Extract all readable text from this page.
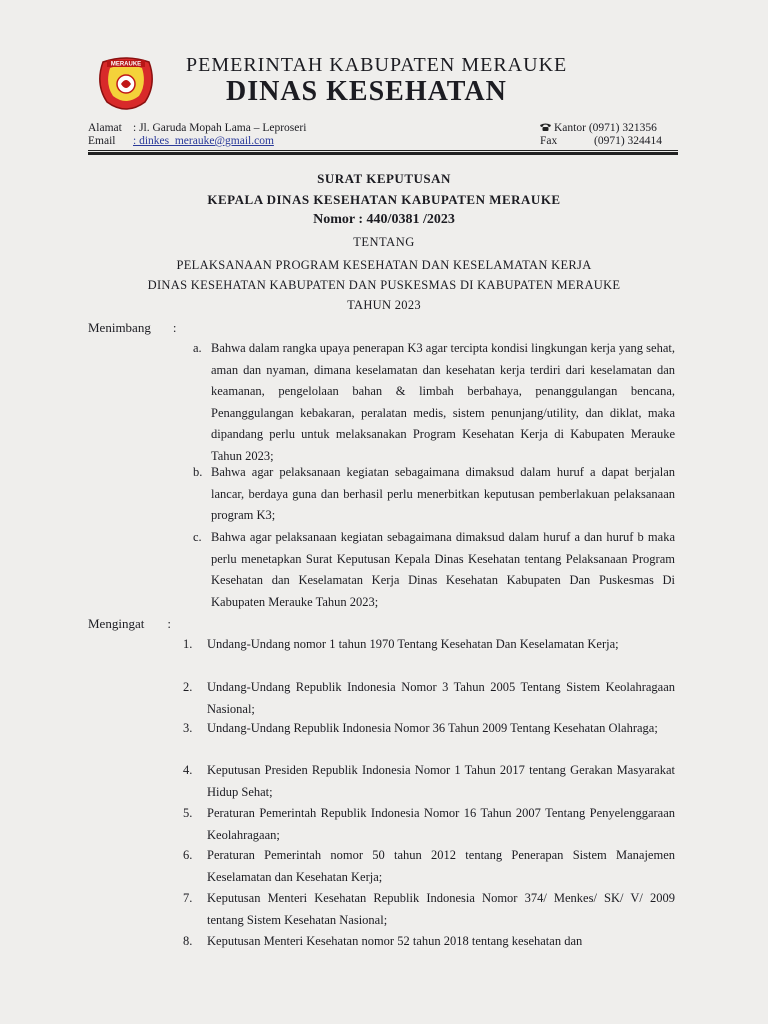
MERAUKE PEMERINTAH KABUPATEN MERAUKE
DINAS KESEHATAN
Alamat : Jl. Garuda Mopah Lama – Leproseri
Email : dinkes_merauke@gmail.com
Kantor (0971) 321356
Fax	(0971) 324414
SURAT KEPUTUSAN
KEPALA DINAS KESEHATAN KABUPATEN MERAUKE
Nomor : 440/0381 /2023
TENTANG
PELAKSANAAN PROGRAM KESEHATAN DAN KESELAMATAN KERJA
DINAS KESEHATAN KABUPATEN DAN PUSKESMAS DI KABUPATEN MERAUKE
TAHUN 2023
Menimbang :
a. Bahwa dalam rangka upaya penerapan K3 agar tercipta kondisi lingkungan kerja yang sehat, aman dan nyaman, dimana keselamatan dan kesehatan kerja terdiri dari keselamatan dan keamanan, pengelolaan bahan & limbah berbahaya, penanggulangan bencana, Penanggulangan kebakaran, peralatan medis, sistem penunjang/utility, dan diklat, maka dipandang perlu untuk melaksanakan Program Kesehatan Kerja di Kabupaten Merauke Tahun 2023;
b. Bahwa agar pelaksanaan kegiatan sebagaimana dimaksud dalam huruf a dapat berjalan lancar, berdaya guna dan berhasil perlu menerbitkan keputusan pemberlakuan pelaksanaan program K3;
c. Bahwa agar pelaksanaan kegiatan sebagaimana dimaksud dalam huruf a dan huruf b maka perlu menetapkan Surat Keputusan Kepala Dinas Kesehatan tentang Pelaksanaan Program Kesehatan dan Keselamatan Kerja Dinas Kesehatan Kabupaten Dan Puskesmas Di Kabupaten Merauke Tahun 2023;
Mengingat :
1. Undang-Undang nomor 1 tahun 1970 Tentang Kesehatan Dan Keselamatan Kerja;
2. Undang-Undang Republik Indonesia Nomor 3 Tahun 2005 Tentang Sistem Keolahragaan Nasional;
3. Undang-Undang Republik Indonesia Nomor 36 Tahun 2009 Tentang Kesehatan Olahraga;
4. Keputusan Presiden Republik Indonesia Nomor 1 Tahun 2017 tentang Gerakan Masyarakat Hidup Sehat;
5. Peraturan Pemerintah Republik Indonesia Nomor 16 Tahun 2007 Tentang Penyelenggaraan Keolahragaan;
6. Peraturan Pemerintah nomor 50 tahun 2012 tentang Penerapan Sistem Manajemen Keselamatan dan Kesehatan Kerja;
7. Keputusan Menteri Kesehatan Republik Indonesia Nomor 374/ Menkes/ SK/ V/ 2009 tentang Sistem Kesehatan Nasional;
8. Keputusan Menteri Kesehatan nomor 52 tahun 2018 tentang kesehatan dan
